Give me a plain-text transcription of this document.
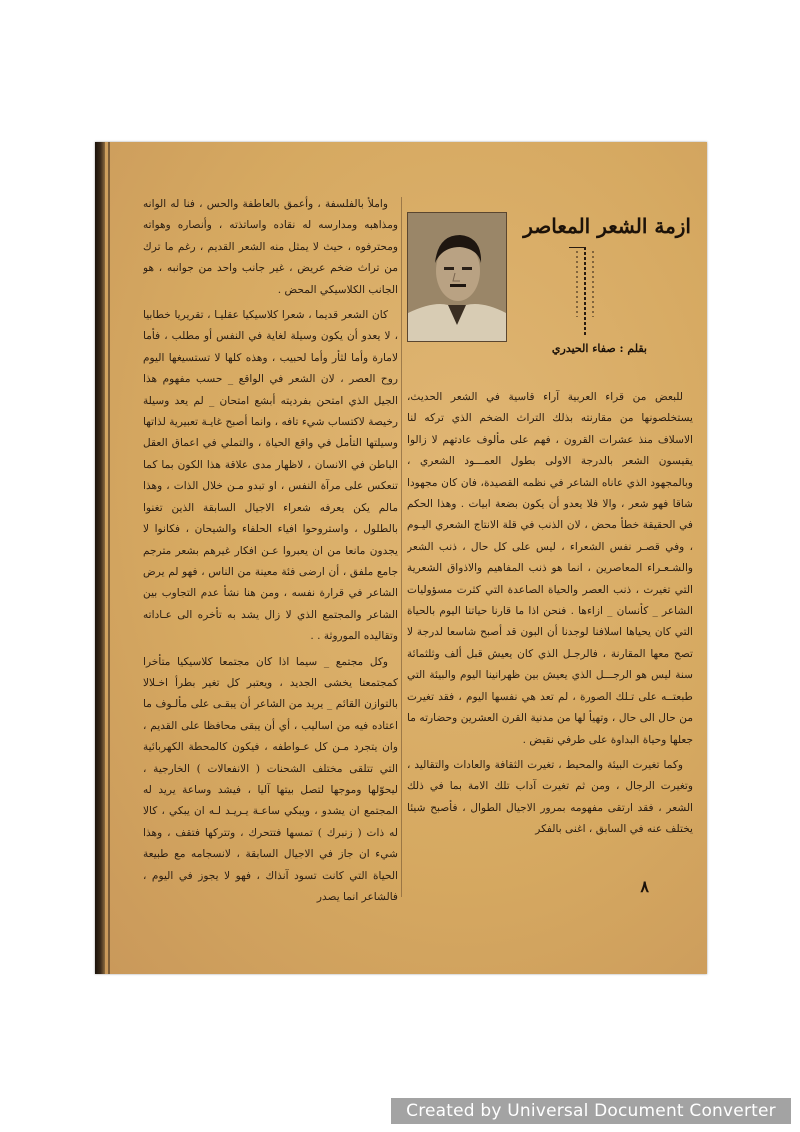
واملأ بالفلسفة ، وأعمق بالعاطفة والحس ، فنا له الوانه ومذاهبه ومدارسه له نقاده واساتذته ، وأنصاره وهواته ومحترفوه ، حيث لا يمثل منه الشعر القديم ، رغم ما ترك من تراث ضخم عريض ، غير جانب واحد من جوانبه ، هو الجانب الكلاسيكي المحض .

كان الشعر قديما ، شعرا كلاسيكيا عقليـا ، تقريريا خطابيا ، لا يعدو أن يكون وسيلة لغاية في النفس أو مطلب ، فأما لامارة وأما لثأر وأما لحبيب ، وهذه كلها لا تستسيغها اليوم روح العصر ، لان الشعر في الواقع _ حسب مفهوم هذا الجيل الذي امتحن بفرديته أبشع امتحان _ لم يعد وسيلة رخيصة لاكتساب شيء تافه ، وانما أصبح غايـة تعبيرية لذاتها وسيلتها التأمل في واقع الحياة ، والتملي في اعماق العقل الباطن في الانسان ، لاظهار مدى علاقة هذا الكون بما كما تنعكس على مرآة النفس ، او تبدو مـن خلال الذات ، وهذا مالم يكن يعرفه شعراء الاجيال السابقة الذين تغنوا بالطلول ، واستروحوا افياء الحلفاء والشيحان ، فكانوا لا يجدون مانعا من ان يعبروا عـن افكار غيرهم بشعر مترجم جامع ملفق ، أن ارضى فئة معينة من الناس ، فهو لم يرض الشاعر في قرارة نفسه ، ومن هنا نشأ عدم التجاوب بين الشاعر والمجتمع الذي لا زال يشد به تأخره الى عـاداته وتقاليده الموروثة . .

وكل مجتمع _ سيما اذا كان مجتمعا كلاسيكيا متأخرا كمجتمعنا يخشى الجديد ، ويعتبر كل تغير بطرأ اخـلالا بالتوازن القائم _ يريد من الشاعر أن يبقـى على مألـوف ما اعتاده فيه من اساليب ، أي أن يبقى محافظا على القديم ، وان يتجرد مـن كل عـواطفه ، فيكون كالمحطة الكهربائية التي تتلقى مختلف الشحنات ( الانفعالات ) الخارجية ، ليحوّلها وموجها لتصل بيتها آليا ، فيشد وساعة يريد له المجتمع ان يشدو ، ويبكي ساعـة يـريـد لـه ان يبكي ، كالا له ذات ( زنبرك ) تمسها فتتحرك ، وتتركها فتقف ، وهذا شيء ان جاز في الاجيال السابقة ، لانسجامه مع طبيعة الحياة التي كانت تسود آنذاك ، فهو لا يجوز في اليوم ، فالشاعر انما يصدر

ازمة الشعر المعاصر
بقلم : صفاء الحيدري

للبعض من قراء العربية آراء قاسية في الشعر الحديث، يستخلصونها من مقارنته بذلك التراث الضخم الذي تركه لنا الاسلاف منذ عشرات القرون ، فهم على مألوف عادتهم لا زالوا يقيسون الشعر بالدرجة الاولى بطول العمـــود الشعري ، وبالمجهود الذي عاناه الشاعر في نظمه القصيدة، فان كان مجهودا شاقا فهو شعر ، والا فلا يعدو أن يكون بضعة ابيات . وهذا الحكم في الحقيقة خطأ محض ، لان الذنب في قلة الانتاج الشعري اليـوم ، وفي قصـر نفس الشعراء ، ليس على كل حال ، ذنب الشعر والشـعـراء المعاصرين ، انما هو ذنب المفاهيم والاذواق الشعرية التي تغيرت ، ذنب العصر والحياة الصاعدة التي كثرت مسؤوليات الشاعر _ كأنسان _ ازاءها . فنحن اذا ما قارنا حياتنا اليوم بالحياة التي كان يحياها اسلافنا لوجدنا أن البون قد أصبح شاسعا لدرجة لا تصح معها المقارنة ، فالرجـل الذي كان يعيش قبل ألف وثلثمائة سنة ليس هو الرجـــل الذي يعيش بين ظهرانينا اليوم والبيئة التي طبعتــه على تـلك الصورة ، لم تعد هي نفسها اليوم ، فقد تغيرت من حال الى حال ، وتهيأ لها من مدنية القرن العشرين وحضارته ما جعلها وحياة البداوة على طرفي نقيض .

وكما تغيرت البيئة والمحيط ، تغيرت الثقافة والعادات والتقاليد ، وتغيرت الرجال ، ومن ثم تغيرت آداب تلك الامة بما في ذلك الشعر ، فقد ارتقى مفهومه بمرور الاجيال الطوال ، فأصبح شيئا يختلف عنه في السابق ، اغنى بالفكر

٨
Created by Universal Document Converter
